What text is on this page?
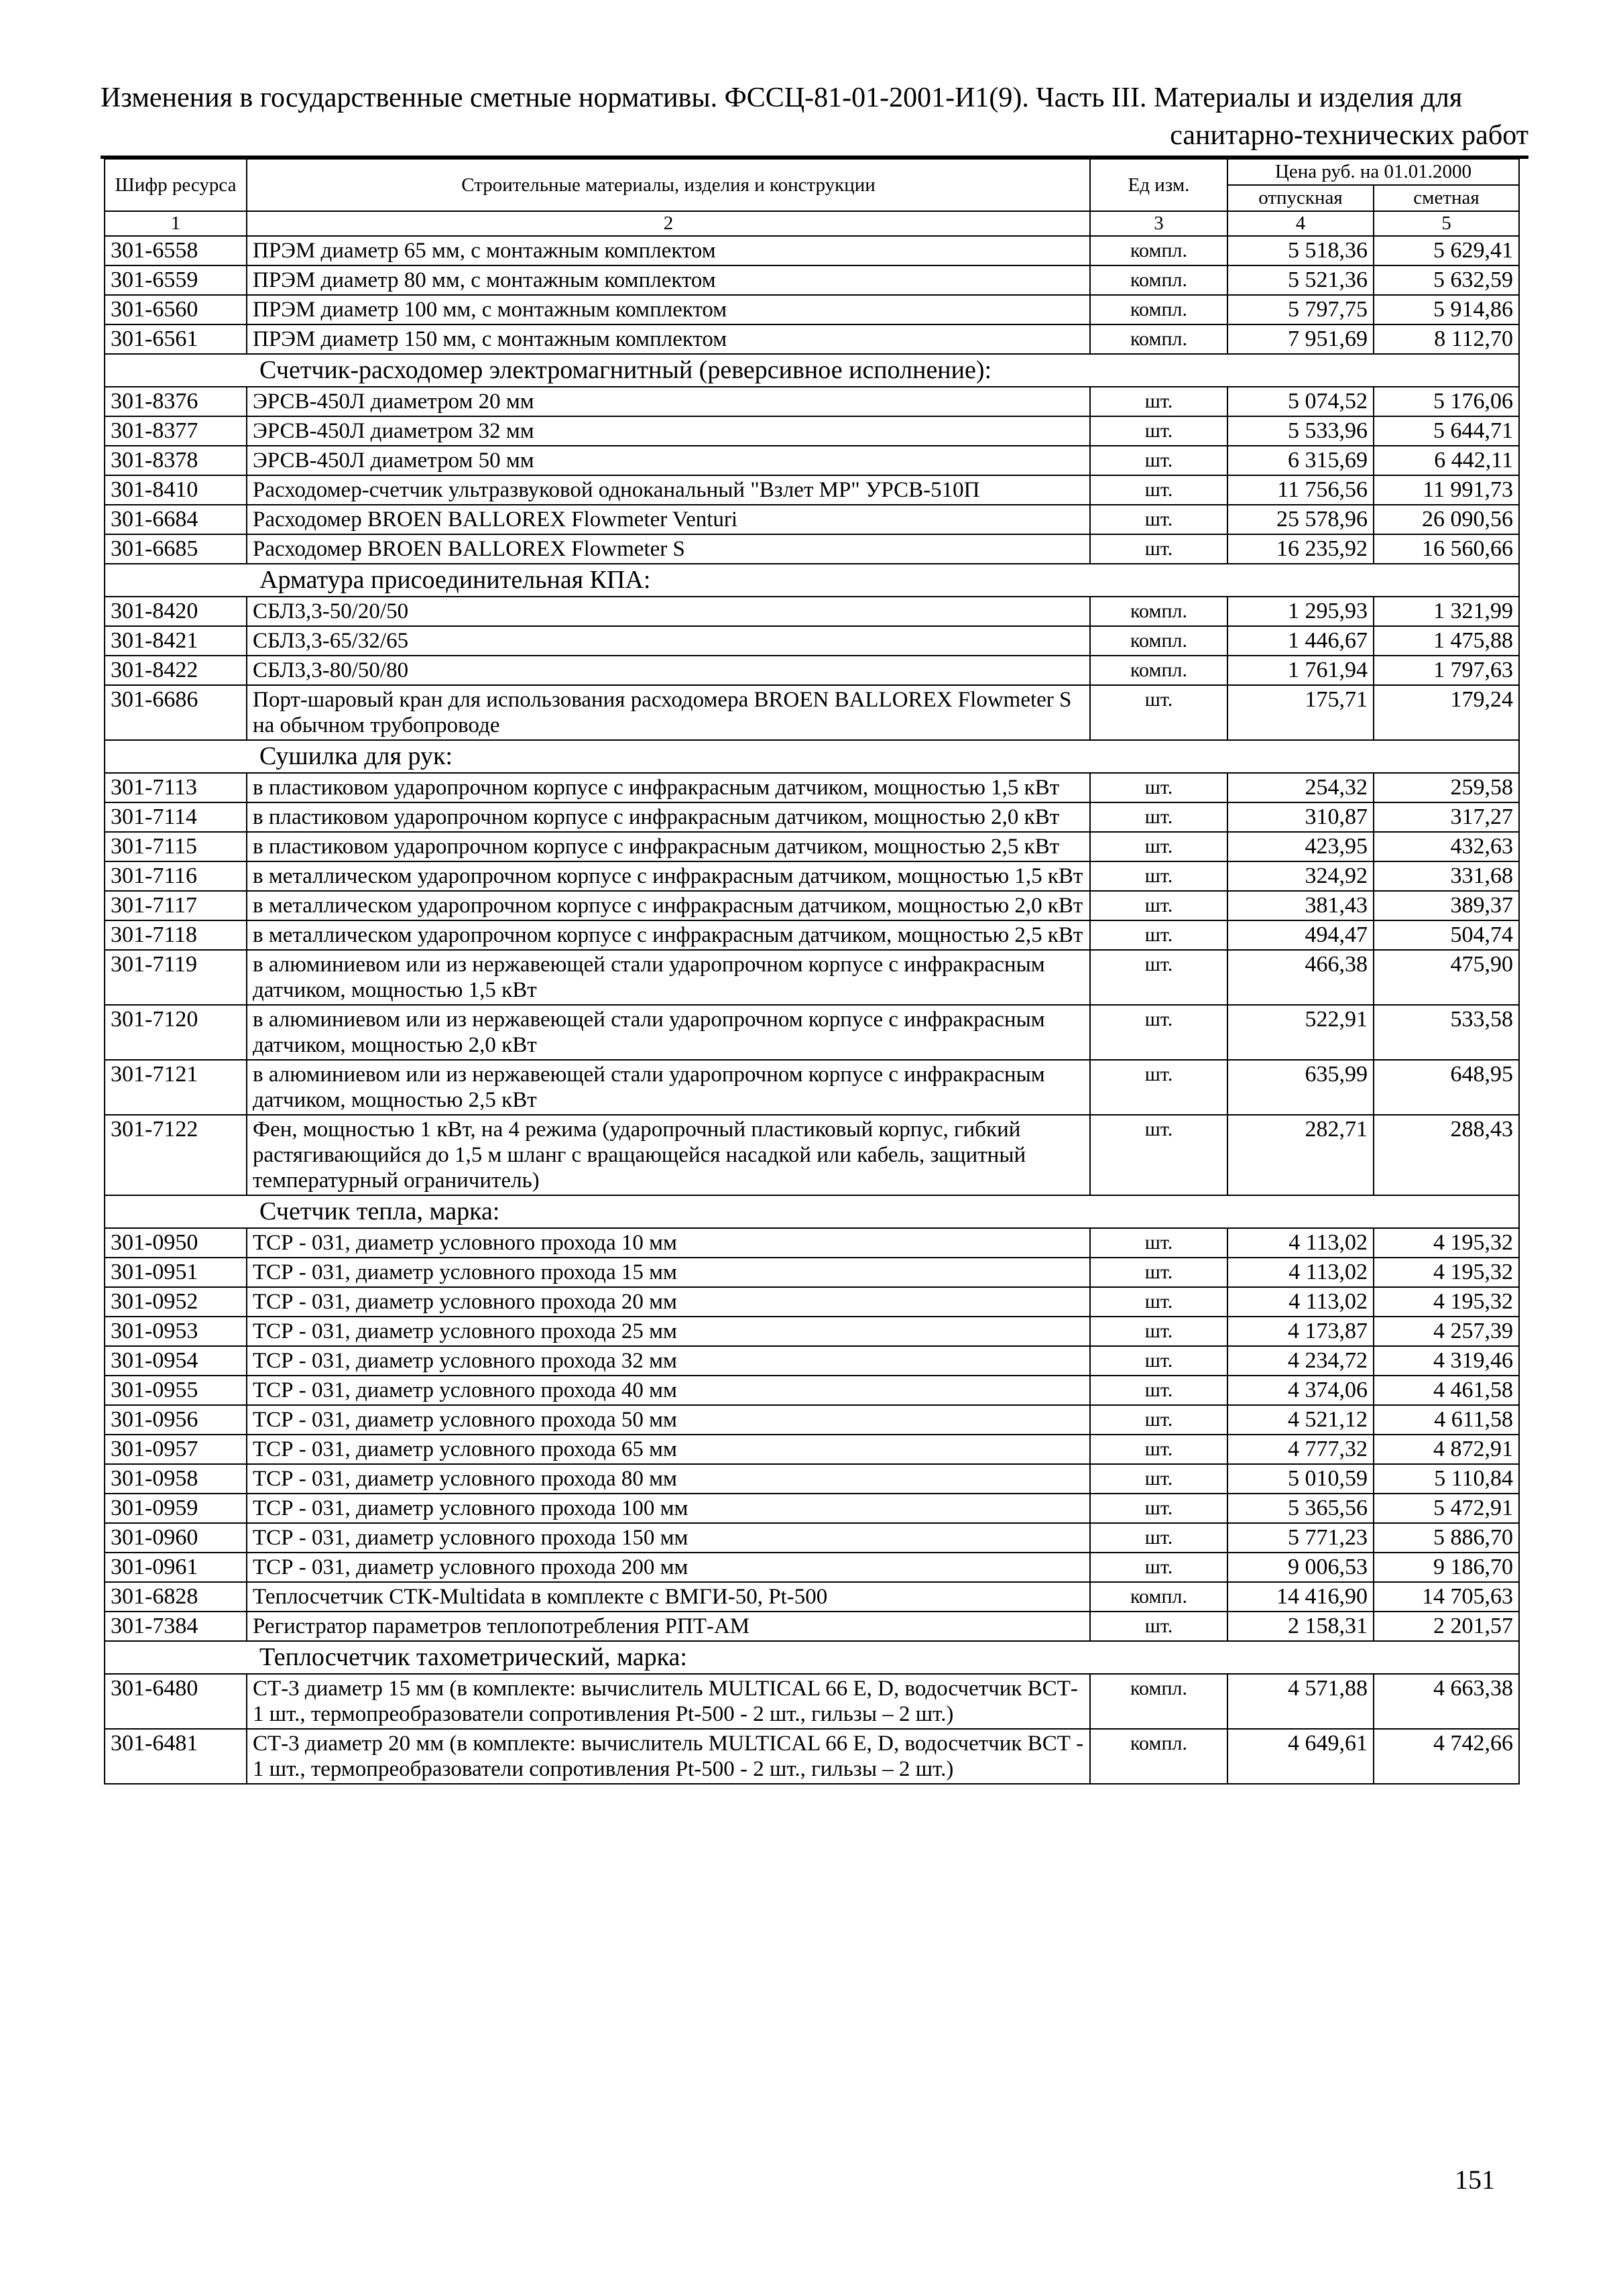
Изменения в государственные сметные нормативы. ФССЦ-81-01-2001-И1(9). Часть III. Материалы и изделия для
санитарно-технических работ
Шифр ресурса	Строительные материалы, изделия и конструкции	Ед изм.	Цена руб. на 01.01.2000	
			отпускная	сметная
1	2	3	4	5
301-6558	ПРЭМ диаметр 65 мм, с монтажным комплектом	компл.	5 518,36	5 629,41
301-6559	ПРЭМ диаметр 80 мм, с монтажным комплектом	компл.	5 521,36	5 632,59
301-6560	ПРЭМ диаметр 100 мм, с монтажным комплектом	компл.	5 797,75	5 914,86
301-6561	ПРЭМ диаметр 150 мм, с монтажным комплектом	компл.	7 951,69	8 112,70
Счетчик-расходомер электромагнитный (реверсивное исполнение):				
301-8376	ЭРСВ-450Л диаметром 20 мм	шт.	5 074,52	5 176,06
301-8377	ЭРСВ-450Л диаметром 32 мм	шт.	5 533,96	5 644,71
301-8378	ЭРСВ-450Л диаметром 50 мм	шт.	6 315,69	6 442,11
301-8410	Расходомер-счетчик ультразвуковой одноканальный "Взлет МР" УРСВ-510П	шт.	11 756,56	11 991,73
301-6684	Расходомер BROEN BALLOREX Flowmeter Venturi	шт.	25 578,96	26 090,56
301-6685	Расходомер BROEN BALLOREX Flowmeter S	шт.	16 235,92	16 560,66
Арматура присоединительная КПА:				
301-8420	СБЛ3,3-50/20/50	компл.	1 295,93	1 321,99
301-8421	СБЛ3,3-65/32/65	компл.	1 446,67	1 475,88
301-8422	СБЛ3,3-80/50/80	компл.	1 761,94	1 797,63
301-6686	Порт-шаровый кран для использования расходомера BROEN BALLOREX Flowmeter S на обычном трубопроводе	шт.	175,71	179,24
Сушилка для рук:				
301-7113	в пластиковом ударопрочном корпусе с инфракрасным датчиком, мощностью 1,5 кВт	шт.	254,32	259,58
301-7114	в пластиковом ударопрочном корпусе с инфракрасным датчиком, мощностью 2,0 кВт	шт.	310,87	317,27
301-7115	в пластиковом ударопрочном корпусе с инфракрасным датчиком, мощностью 2,5 кВт	шт.	423,95	432,63
301-7116	в металлическом ударопрочном корпусе с инфракрасным датчиком, мощностью 1,5 кВт	шт.	324,92	331,68
301-7117	в металлическом ударопрочном корпусе с инфракрасным датчиком, мощностью 2,0 кВт	шт.	381,43	389,37
301-7118	в металлическом ударопрочном корпусе с инфракрасным датчиком, мощностью 2,5 кВт	шт.	494,47	504,74
301-7119	в алюминиевом или из нержавеющей стали ударопрочном корпусе с инфракрасным датчиком, мощностью 1,5 кВт	шт.	466,38	475,90
301-7120	в алюминиевом или из нержавеющей стали ударопрочном корпусе с инфракрасным датчиком, мощностью 2,0 кВт	шт.	522,91	533,58
301-7121	в алюминиевом или из нержавеющей стали ударопрочном корпусе с инфракрасным датчиком, мощностью 2,5 кВт	шт.	635,99	648,95
301-7122	Фен, мощностью 1 кВт, на 4 режима (ударопрочный пластиковый корпус, гибкий растягивающийся до 1,5 м шланг с вращающейся насадкой или кабель, защитный температурный ограничитель)	шт.	282,71	288,43
Счетчик тепла, марка:				
301-0950	ТСР - 031, диаметр условного прохода 10 мм	шт.	4 113,02	4 195,32
301-0951	ТСР - 031, диаметр условного прохода 15 мм	шт.	4 113,02	4 195,32
301-0952	ТСР - 031, диаметр условного прохода 20 мм	шт.	4 113,02	4 195,32
301-0953	ТСР - 031, диаметр условного прохода 25 мм	шт.	4 173,87	4 257,39
301-0954	ТСР - 031, диаметр условного прохода 32 мм	шт.	4 234,72	4 319,46
301-0955	ТСР - 031, диаметр условного прохода 40 мм	шт.	4 374,06	4 461,58
301-0956	ТСР - 031, диаметр условного прохода 50 мм	шт.	4 521,12	4 611,58
301-0957	ТСР - 031, диаметр условного прохода 65 мм	шт.	4 777,32	4 872,91
301-0958	ТСР - 031, диаметр условного прохода 80 мм	шт.	5 010,59	5 110,84
301-0959	ТСР - 031, диаметр условного прохода 100 мм	шт.	5 365,56	5 472,91
301-0960	ТСР - 031, диаметр условного прохода 150 мм	шт.	5 771,23	5 886,70
301-0961	ТСР - 031, диаметр условного прохода 200 мм	шт.	9 006,53	9 186,70
301-6828	Теплосчетчик СТК-Multidata в комплекте с ВМГИ-50, Pt-500	компл.	14 416,90	14 705,63
301-7384	Регистратор параметров теплопотребления РПТ-АМ	шт.	2 158,31	2 201,57
Теплосчетчик тахометрический, марка:				
301-6480	СТ-3 диаметр 15 мм (в комплекте: вычислитель MULTICAL 66 E, D, водосчетчик ВСТ- 1 шт., термопреобразователи сопротивления Pt-500 - 2 шт., гильзы – 2 шт.)	компл.	4 571,88	4 663,38
301-6481	СТ-3 диаметр 20 мм (в комплекте: вычислитель MULTICAL 66 E, D, водосчетчик ВСТ - 1 шт., термопреобразователи сопротивления Pt-500 - 2 шт., гильзы – 2 шт.)	компл.	4 649,61	4 742,66
151
